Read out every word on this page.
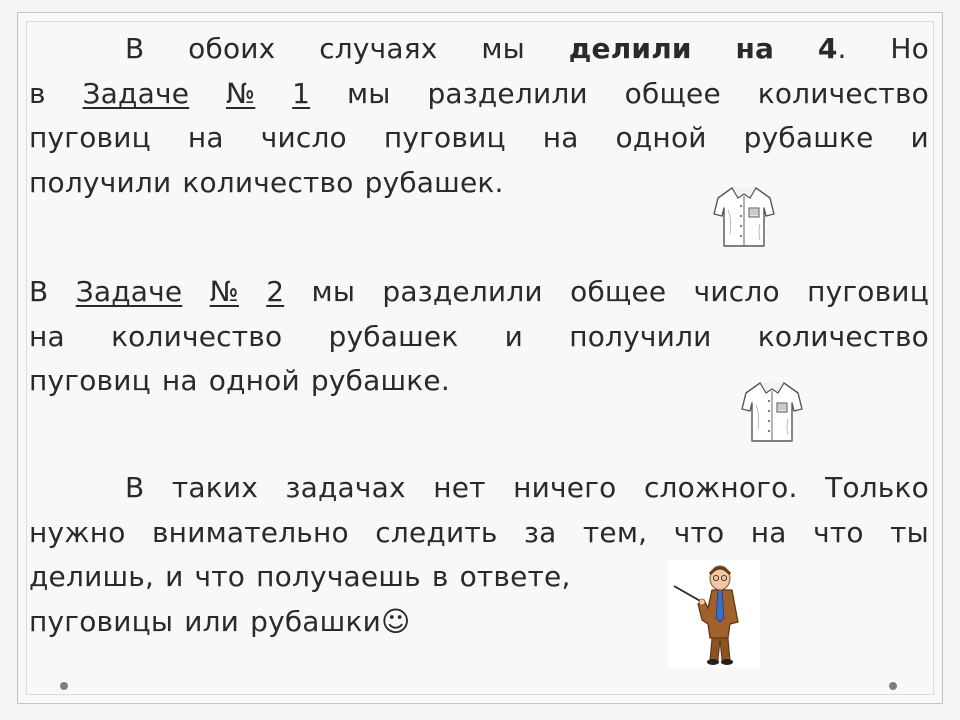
В обоих случаях мы делили на 4. Но
в Задаче № 1 мы разделили общее количество
пуговиц на число пуговиц на одной рубашке и
получили количество рубашек.
В Задаче № 2 мы разделили общее число пуговиц
на количество рубашек и получили количество
пуговиц на одной рубашке.
В таких задачах нет ничего сложного. Только
нужно внимательно следить за тем, что на что ты
делишь, и что получаешь в ответе,
пуговицы или рубашки☺
